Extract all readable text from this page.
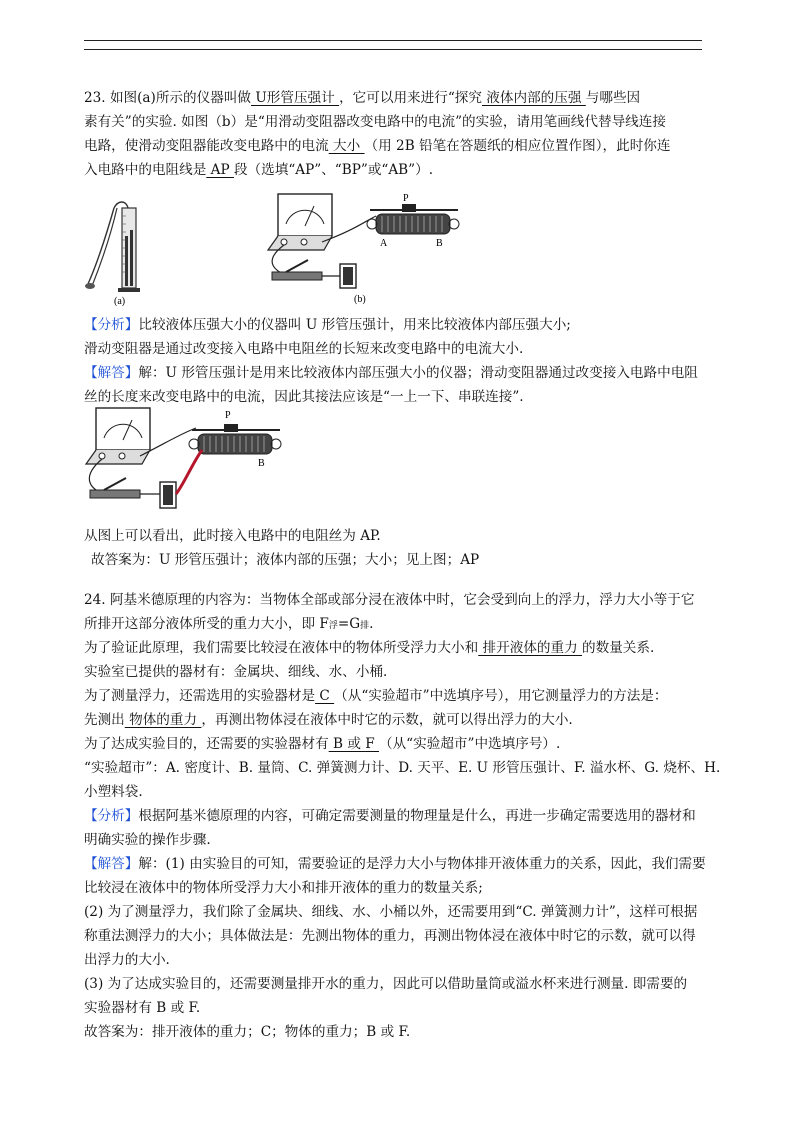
23. 如图(a)所示的仪器叫做 U形管压强计 ，它可以用来进行“探究 液体内部的压强 与哪些因
素有关”的实验. 如图（b）是“用滑动变阻器改变电路中的电流”的实验，请用笔画线代替导线连接
电路，使滑动变阻器能改变电路中的电流 大小 （用 2B 铅笔在答题纸的相应位置作图），此时你连
入电路中的电阻线是 AP 段（选填“AP”、“BP”或“AB”）.
(a)
P
A	B
(b)
【分析】比较液体压强大小的仪器叫 U 形管压强计，用来比较液体内部压强大小;
滑动变阻器是通过改变接入电路中电阻丝的长短来改变电路中的电流大小.
【解答】解：U 形管压强计是用来比较液体内部压强大小的仪器；滑动变阻器通过改变接入电路中电阻
丝的长度来改变电路中的电流，因此其接法应该是“一上一下、串联连接”.
P
B
从图上可以看出，此时接入电路中的电阻丝为 AP.
故答案为：U 形管压强计；液体内部的压强；大小；见上图；AP
24. 阿基米德原理的内容为：当物体全部或部分浸在液体中时，它会受到向上的浮力，浮力大小等于它
所排开这部分液体所受的重力大小，即 F浮=G排.
为了验证此原理，我们需要比较浸在液体中的物体所受浮力大小和 排开液体的重力 的数量关系.
实验室已提供的器材有：金属块、细线、水、小桶.
为了测量浮力，还需选用的实验器材是 C （从“实验超市”中选填序号），用它测量浮力的方法是：
先测出 物体的重力 ，再测出物体浸在液体中时它的示数，就可以得出浮力的大小.
为了达成实验目的，还需要的实验器材有 B 或 F （从“实验超市”中选填序号）.
“实验超市”：A. 密度计、B. 量筒、C. 弹簧测力计、D. 天平、E. U 形管压强计、F. 溢水杯、G. 烧杯、H.
小塑料袋.
【分析】根据阿基米德原理的内容，可确定需要测量的物理量是什么，再进一步确定需要选用的器材和
明确实验的操作步骤.
【解答】解：(1) 由实验目的可知，需要验证的是浮力大小与物体排开液体重力的关系，因此，我们需要
比较浸在液体中的物体所受浮力大小和排开液体的重力的数量关系;
(2) 为了测量浮力，我们除了金属块、细线、水、小桶以外，还需要用到“C. 弹簧测力计”，这样可根据
称重法测浮力的大小；具体做法是：先测出物体的重力，再测出物体浸在液体中时它的示数，就可以得
出浮力的大小.
(3) 为了达成实验目的，还需要测量排开水的重力，因此可以借助量筒或溢水杯来进行测量. 即需要的
实验器材有 B 或 F.
故答案为：排开液体的重力；C；物体的重力；B 或 F.
